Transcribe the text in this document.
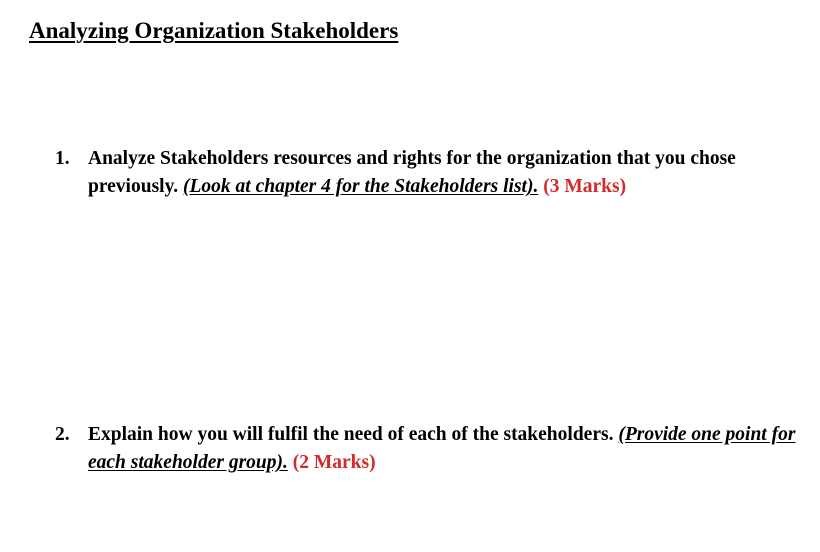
Analyzing Organization Stakeholders
1. Analyze Stakeholders resources and rights for the organization that you chose previously. (Look at chapter 4 for the Stakeholders list). (3 Marks)
2. Explain how you will fulfil the need of each of the stakeholders. (Provide one point for each stakeholder group). (2 Marks)
